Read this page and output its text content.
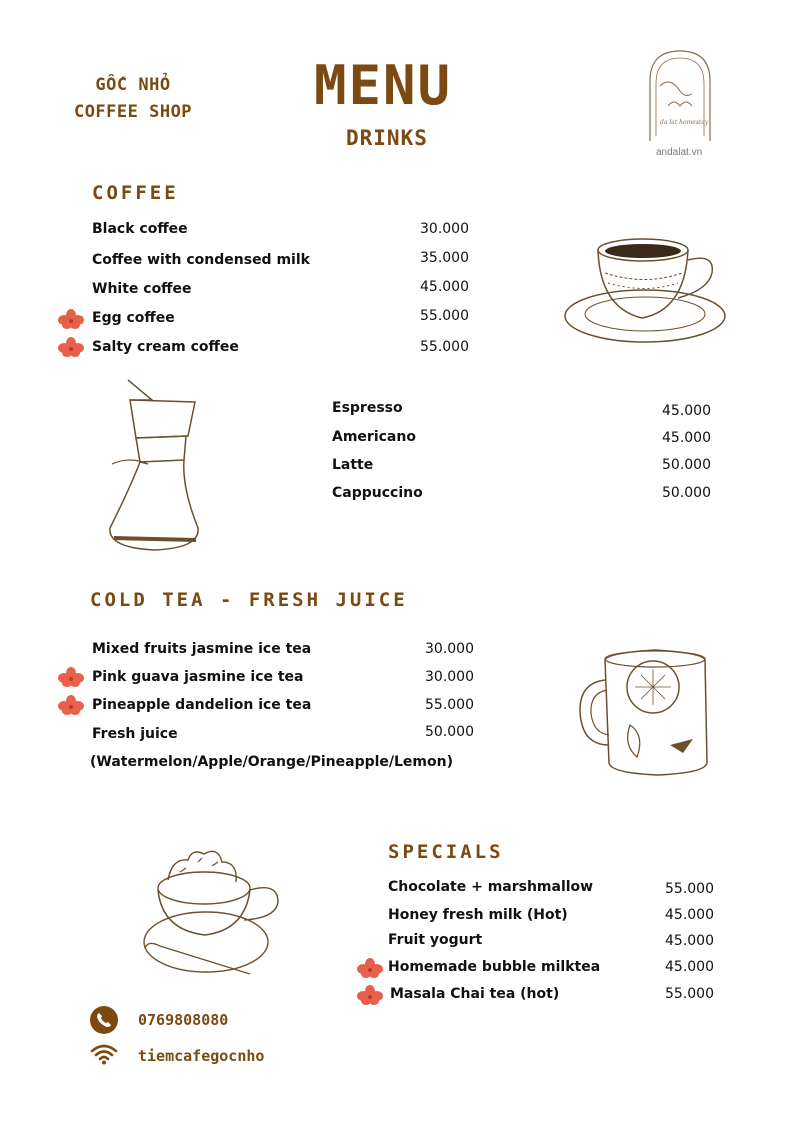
GỐC NHỎ
COFFEE SHOP MENU
DRINKS
da lat homestay
andalat.vn
COFFEE
Black coffee	30.000
Coffee with condensed milk	35.000
White coffee	45.000
Egg coffee	55.000
Salty cream coffee	55.000
Espresso	45.000
Americano	45.000
Latte	50.000
Cappuccino	50.000
COLD TEA - FRESH JUICE
Mixed fruits jasmine ice tea	30.000
Pink guava jasmine ice tea	30.000
Pineapple dandelion ice tea	55.000
Fresh juice	50.000
(Watermelon/Apple/Orange/Pineapple/Lemon)
SPECIALS
Chocolate + marshmallow	55.000
Honey fresh milk (Hot)	45.000
Fruit yogurt	45.000
Homemade bubble milktea	45.000
Masala Chai tea (hot)	55.000
0769808080
tiemcafegocnho
